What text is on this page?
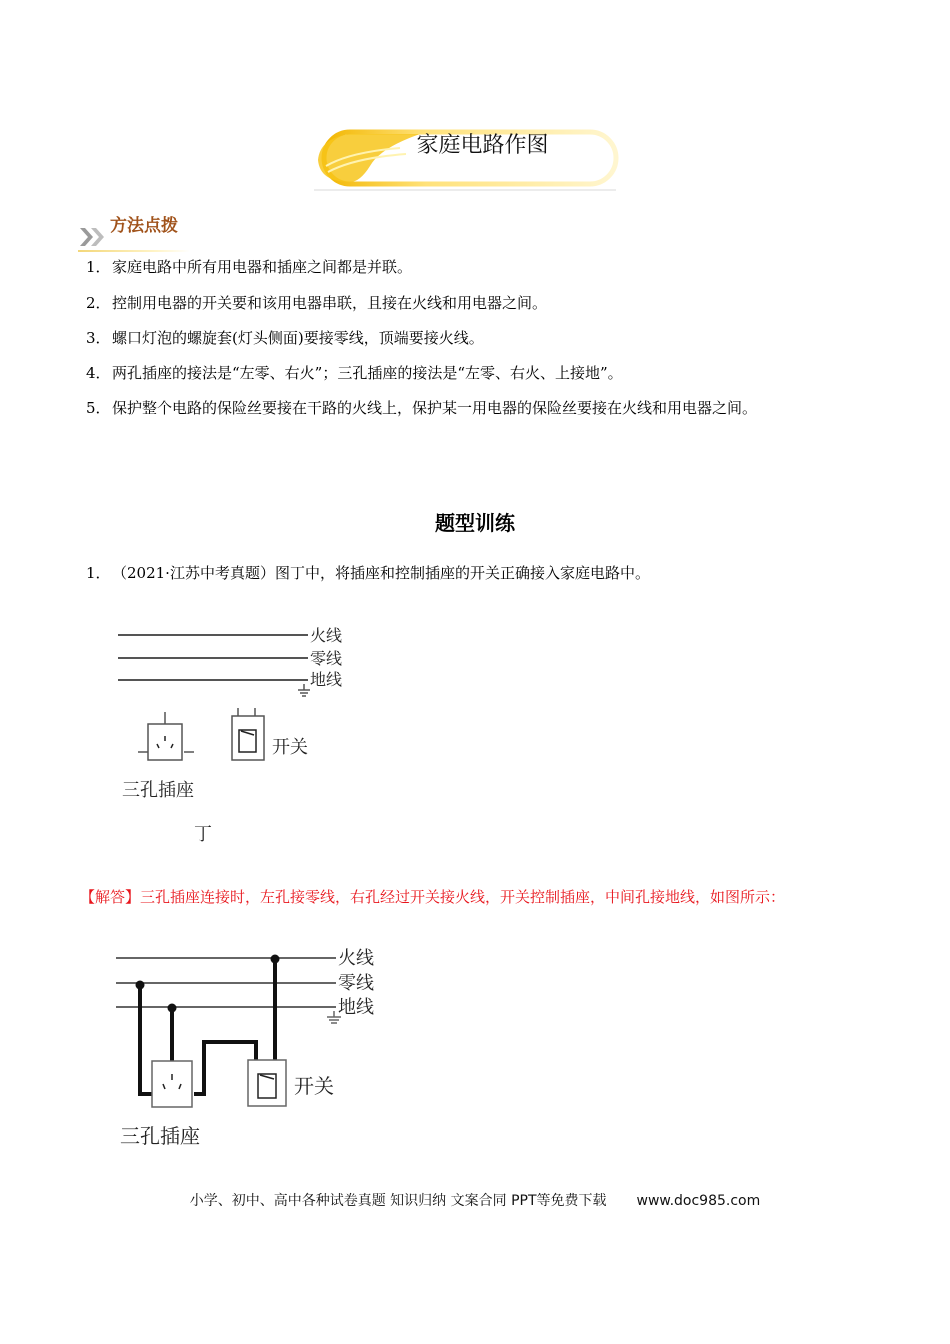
家庭电路作图
方法点拨
1．家庭电路中所有用电器和插座之间都是并联。
2．控制用电器的开关要和该用电器串联，且接在火线和用电器之间。
3．螺口灯泡的螺旋套(灯头侧面)要接零线，顶端要接火线。
4．两孔插座的接法是“左零、右火”；三孔插座的接法是“左零、右火、上接地”。
5．保护整个电路的保险丝要接在干路的火线上，保护某一用电器的保险丝要接在火线和用电器之间。
题型训练
1．（2021·江苏中考真题）图丁中，将插座和控制插座的开关正确接入家庭电路中。
火线
零线
地线
开关
三孔插座
丁
【解答】三孔插座连接时，左孔接零线，右孔经过开关接火线，开关控制插座，中间孔接地线，如图所示：
火线
零线
地线
开关
三孔插座
小学、初中、高中各种试卷真题 知识归纳 文案合同 PPT等免费下载 www.doc985.com
